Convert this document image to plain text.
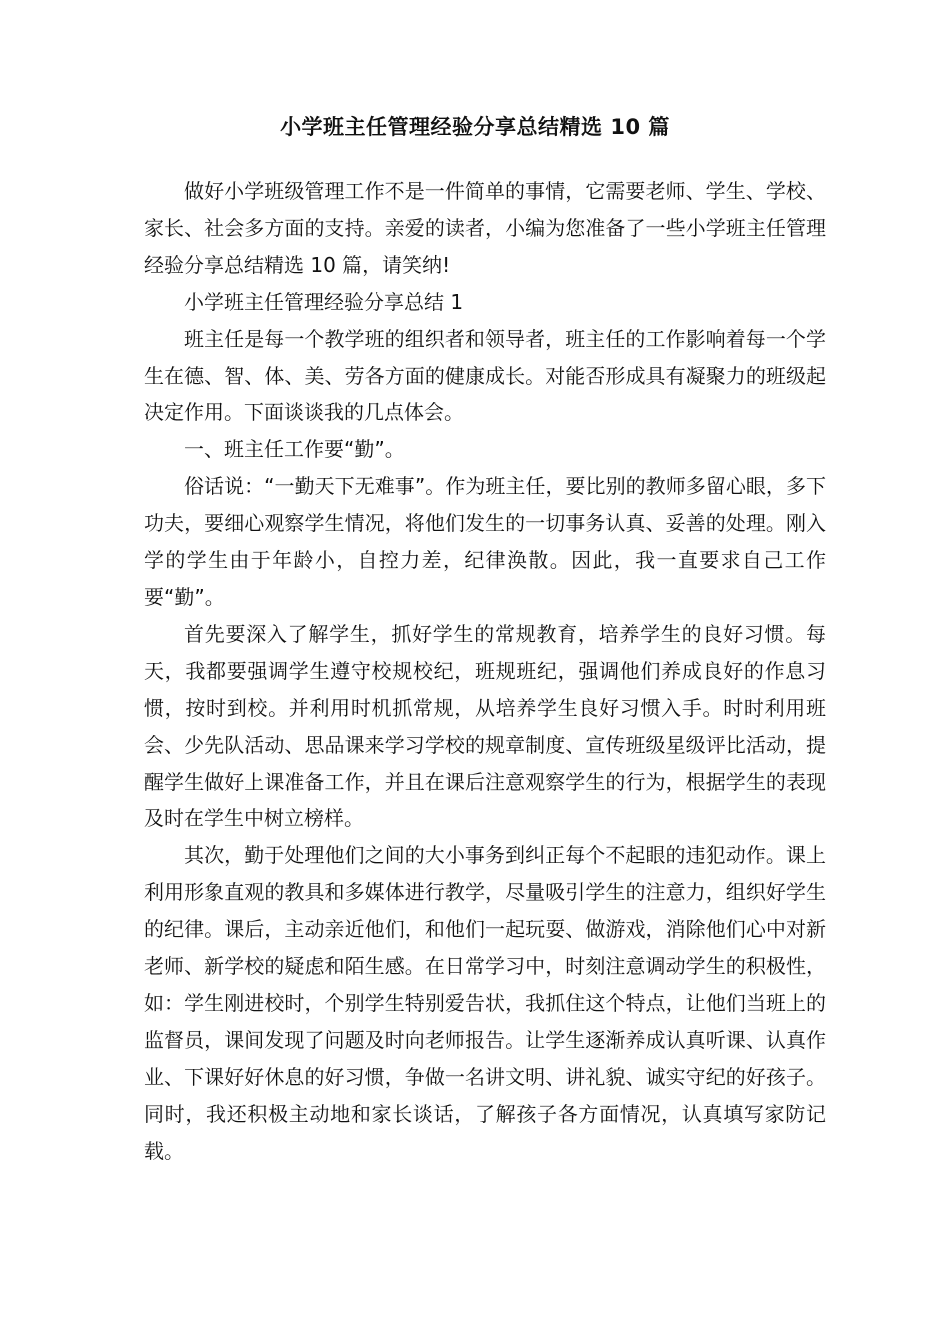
小学班主任管理经验分享总结精选 10 篇

做好小学班级管理工作不是一件简单的事情，它需要老师、学生、学校、家长、社会多方面的支持。亲爱的读者，小编为您准备了一些小学班主任管理经验分享总结精选 10 篇，请笑纳!

小学班主任管理经验分享总结 1

班主任是每一个教学班的组织者和领导者，班主任的工作影响着每一个学生在德、智、体、美、劳各方面的健康成长。对能否形成具有凝聚力的班级起决定作用。下面谈谈我的几点体会。

一、班主任工作要“勤”。

俗话说：“一勤天下无难事”。作为班主任，要比别的教师多留心眼，多下功夫，要细心观察学生情况，将他们发生的一切事务认真、妥善的处理。刚入学的学生由于年龄小，自控力差，纪律涣散。因此，我一直要求自己工作要“勤”。

首先要深入了解学生，抓好学生的常规教育，培养学生的良好习惯。每天，我都要强调学生遵守校规校纪，班规班纪，强调他们养成良好的作息习惯，按时到校。并利用时机抓常规，从培养学生良好习惯入手。时时利用班会、少先队活动、思品课来学习学校的规章制度、宣传班级星级评比活动，提醒学生做好上课准备工作，并且在课后注意观察学生的行为，根据学生的表现及时在学生中树立榜样。

其次，勤于处理他们之间的大小事务到纠正每个不起眼的违犯动作。课上利用形象直观的教具和多媒体进行教学，尽量吸引学生的注意力，组织好学生的纪律。课后，主动亲近他们，和他们一起玩耍、做游戏，消除他们心中对新老师、新学校的疑虑和陌生感。在日常学习中，时刻注意调动学生的积极性，如：学生刚进校时，个别学生特别爱告状，我抓住这个特点，让他们当班上的监督员，课间发现了问题及时向老师报告。让学生逐渐养成认真听课、认真作业、下课好好休息的好习惯，争做一名讲文明、讲礼貌、诚实守纪的好孩子。同时，我还积极主动地和家长谈话，了解孩子各方面情况，认真填写家防记载。
